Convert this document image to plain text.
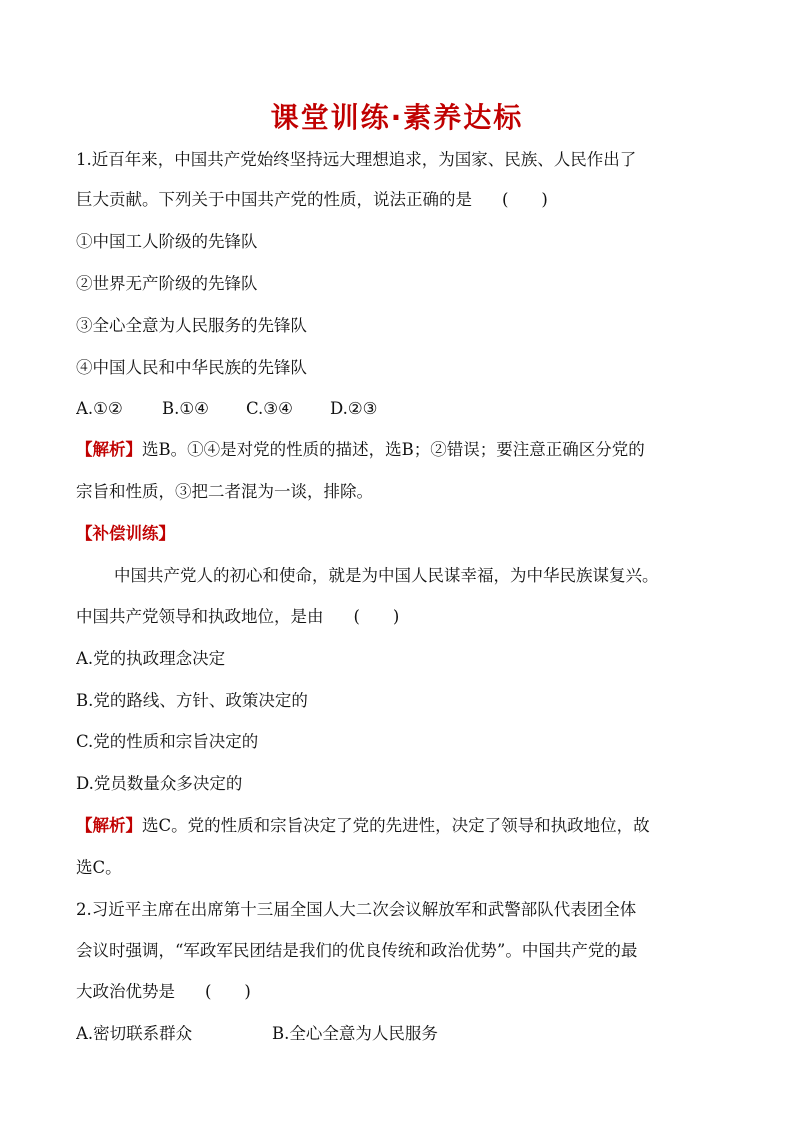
课堂训练·素养达标
1.近百年来，中国共产党始终坚持远大理想追求，为国家、民族、人民作出了
巨大贡献。下列关于中国共产党的性质，说法正确的是 (　　)
①中国工人阶级的先锋队
②世界无产阶级的先锋队
③全心全意为人民服务的先锋队
④中国人民和中华民族的先锋队
A.①② B.①④ C.③④ D.②③
【解析】选B。①④是对党的性质的描述，选B；②错误；要注意正确区分党的
宗旨和性质，③把二者混为一谈，排除。
【补偿训练】
中国共产党人的初心和使命，就是为中国人民谋幸福，为中华民族谋复兴。
中国共产党领导和执政地位，是由 (　　)
A.党的执政理念决定
B.党的路线、方针、政策决定的
C.党的性质和宗旨决定的
D.党员数量众多决定的
【解析】选C。党的性质和宗旨决定了党的先进性，决定了领导和执政地位，故
选C。
2.习近平主席在出席第十三届全国人大二次会议解放军和武警部队代表团全体
会议时强调，“军政军民团结是我们的优良传统和政治优势”。中国共产党的最
大政治优势是 (　　)
A.密切联系群众	B.全心全意为人民服务
